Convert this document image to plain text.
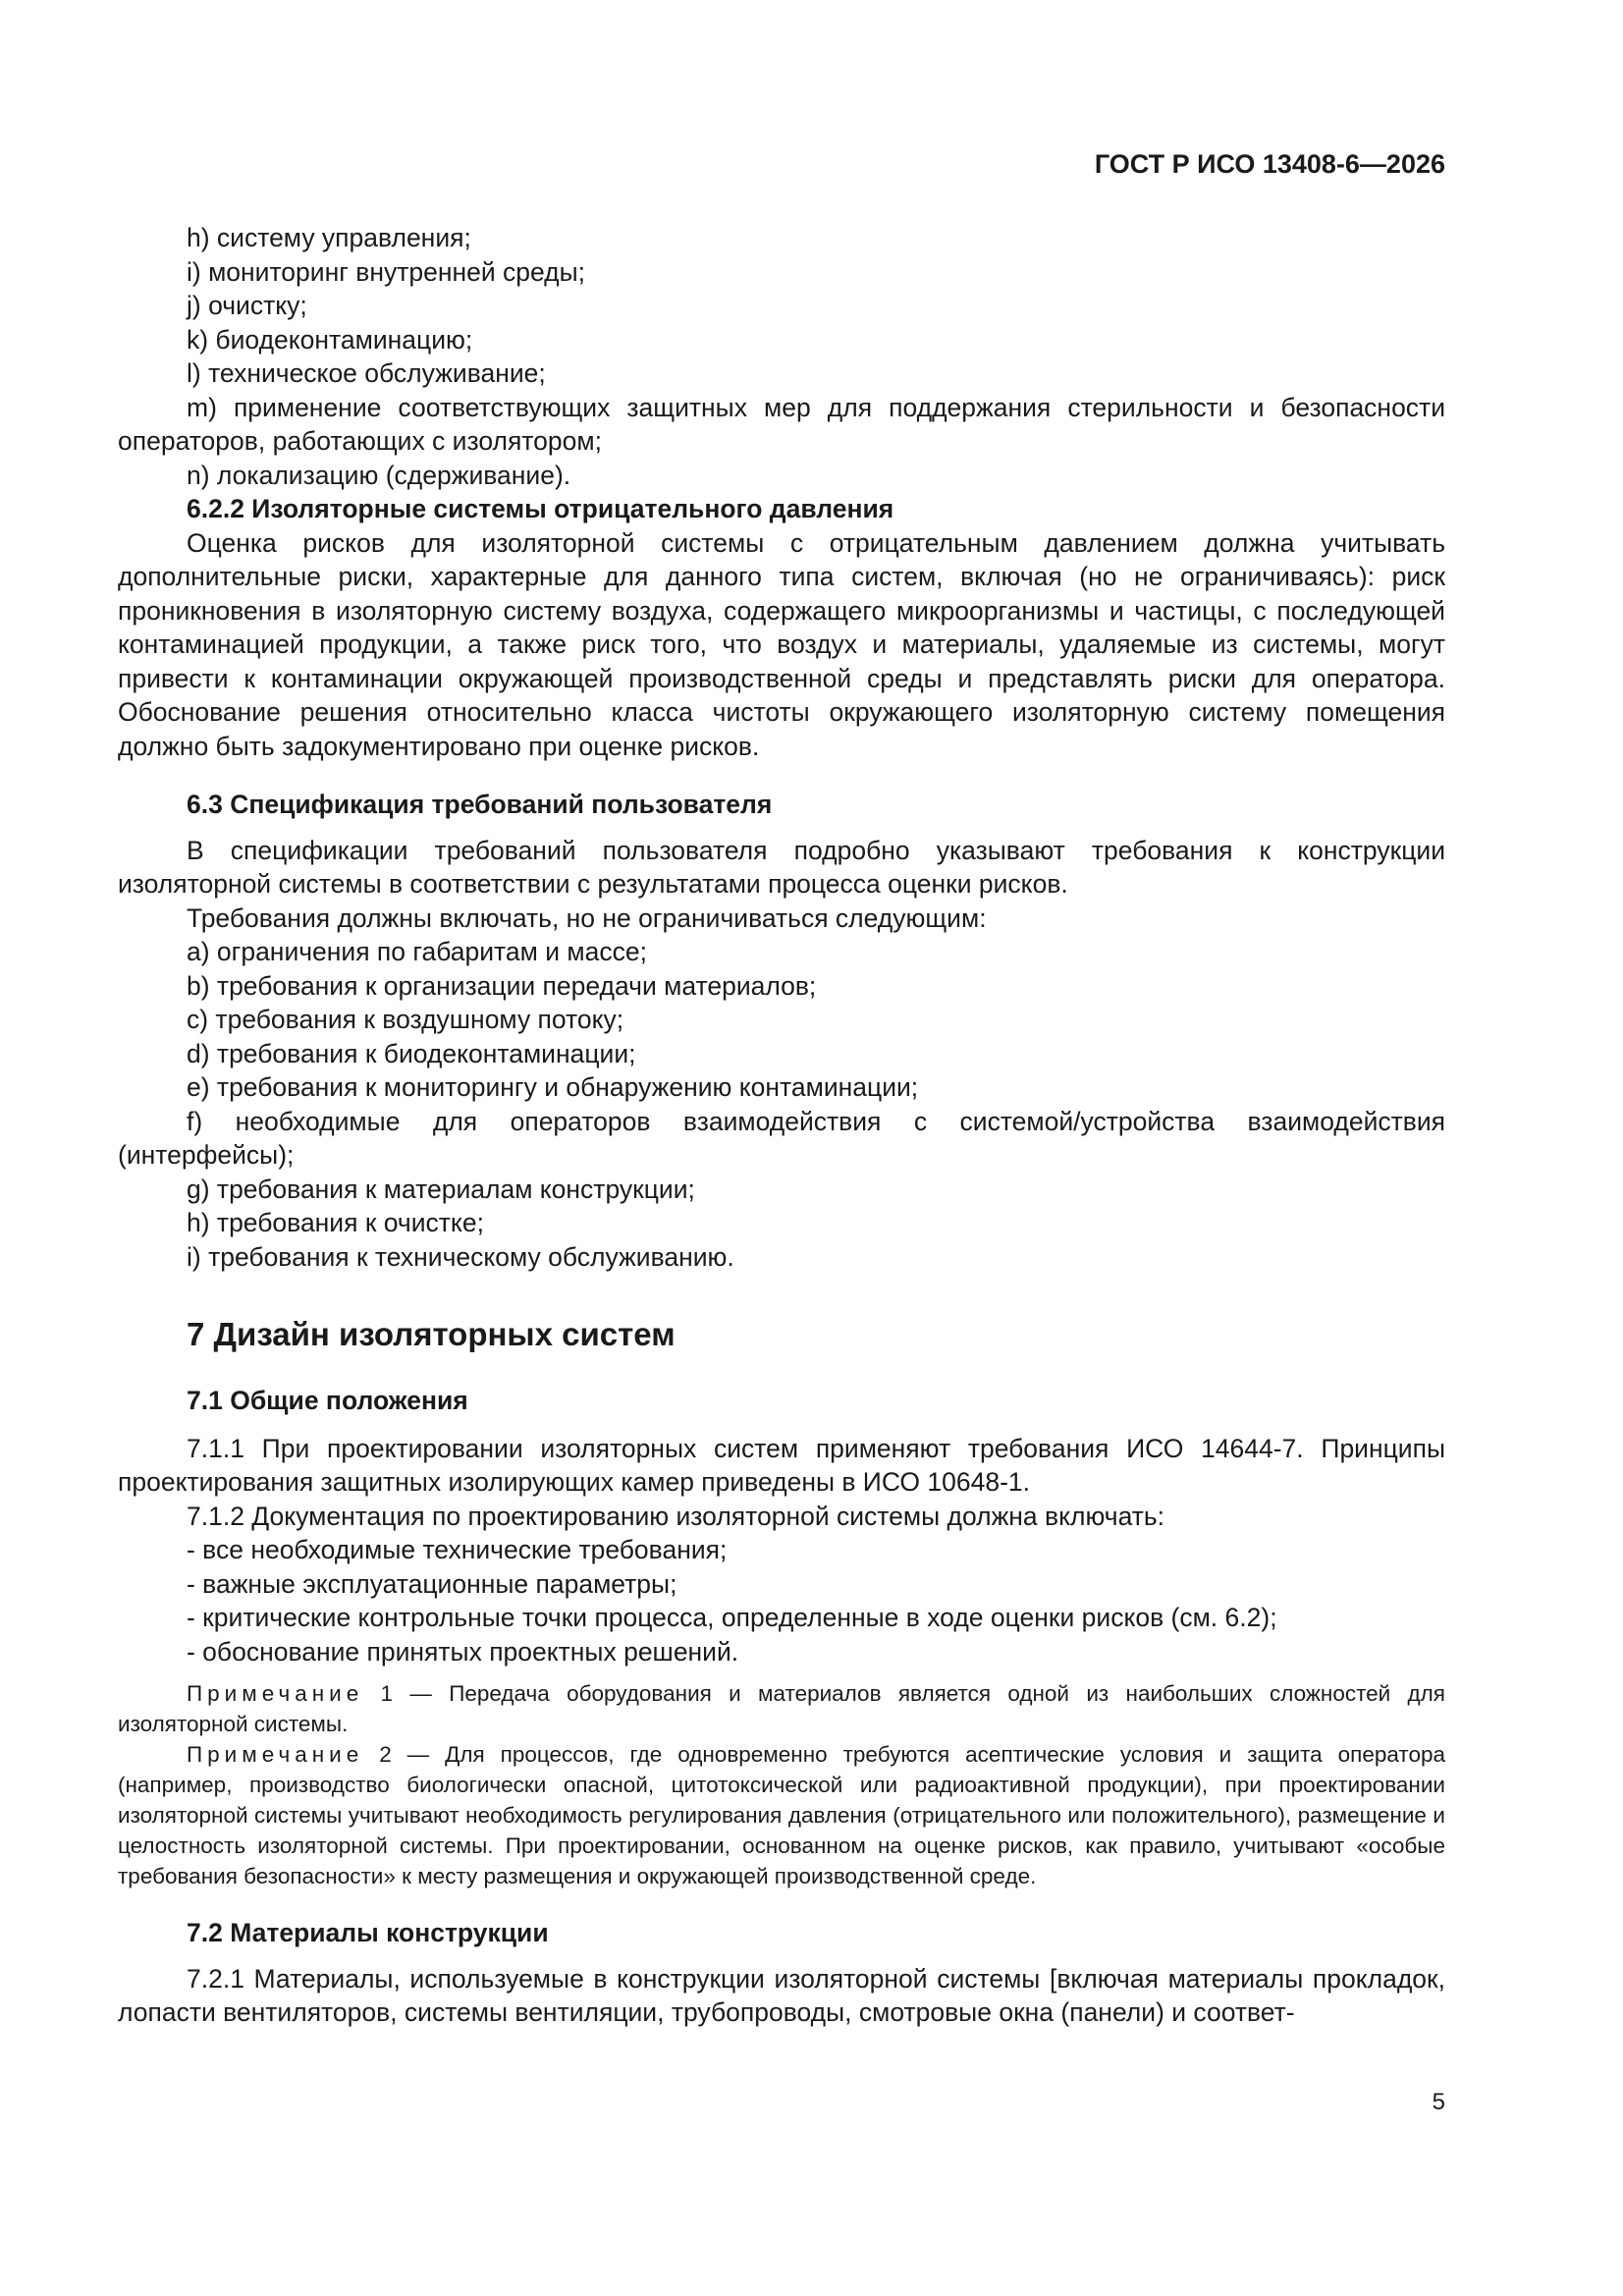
ГОСТ Р ИСО 13408-6—2026

h) систему управления;

i) мониторинг внутренней среды;

j) очистку;

k) биодеконтаминацию;

l) техническое обслуживание;

m) применение соответствующих защитных мер для поддержания стерильности и безопасности операторов, работающих с изолятором;

n) локализацию (сдерживание).

6.2.2 Изоляторные системы отрицательного давления

Оценка рисков для изоляторной системы с отрицательным давлением должна учитывать дополнительные риски, характерные для данного типа систем, включая (но не ограничиваясь): риск проникновения в изоляторную систему воздуха, содержащего микроорганизмы и частицы, с последующей контаминацией продукции, а также риск того, что воздух и материалы, удаляемые из системы, могут привести к контаминации окружающей производственной среды и представлять риски для оператора. Обоснование решения относительно класса чистоты окружающего изоляторную систему помещения должно быть задокументировано при оценке рисков.

6.3 Спецификация требований пользователя

В спецификации требований пользователя подробно указывают требования к конструкции изоляторной системы в соответствии с результатами процесса оценки рисков.

Требования должны включать, но не ограничиваться следующим:

a) ограничения по габаритам и массе;

b) требования к организации передачи материалов;

c) требования к воздушному потоку;

d) требования к биодеконтаминации;

e) требования к мониторингу и обнаружению контаминации;

f) необходимые для операторов взаимодействия с системой/устройства взаимодействия (интерфейсы);

g) требования к материалам конструкции;

h) требования к очистке;

i) требования к техническому обслуживанию.

7 Дизайн изоляторных систем

7.1 Общие положения

7.1.1 При проектировании изоляторных систем применяют требования ИСО 14644-7. Принципы проектирования защитных изолирующих камер приведены в ИСО 10648-1.

7.1.2 Документация по проектированию изоляторной системы должна включать:

- все необходимые технические требования;

- важные эксплуатационные параметры;

- критические контрольные точки процесса, определенные в ходе оценки рисков (см. 6.2);

- обоснование принятых проектных решений.

Примечание 1 — Передача оборудования и материалов является одной из наибольших сложностей для изоляторной системы.

Примечание 2 — Для процессов, где одновременно требуются асептические условия и защита оператора (например, производство биологически опасной, цитотоксической или радиоактивной продукции), при проектировании изоляторной системы учитывают необходимость регулирования давления (отрицательного или положительного), размещение и целостность изоляторной системы. При проектировании, основанном на оценке рисков, как правило, учитывают «особые требования безопасности» к месту размещения и окружающей производственной среде.

7.2 Материалы конструкции

7.2.1 Материалы, используемые в конструкции изоляторной системы [включая материалы прокладок, лопасти вентиляторов, системы вентиляции, трубопроводы, смотровые окна (панели) и соответ-

5
